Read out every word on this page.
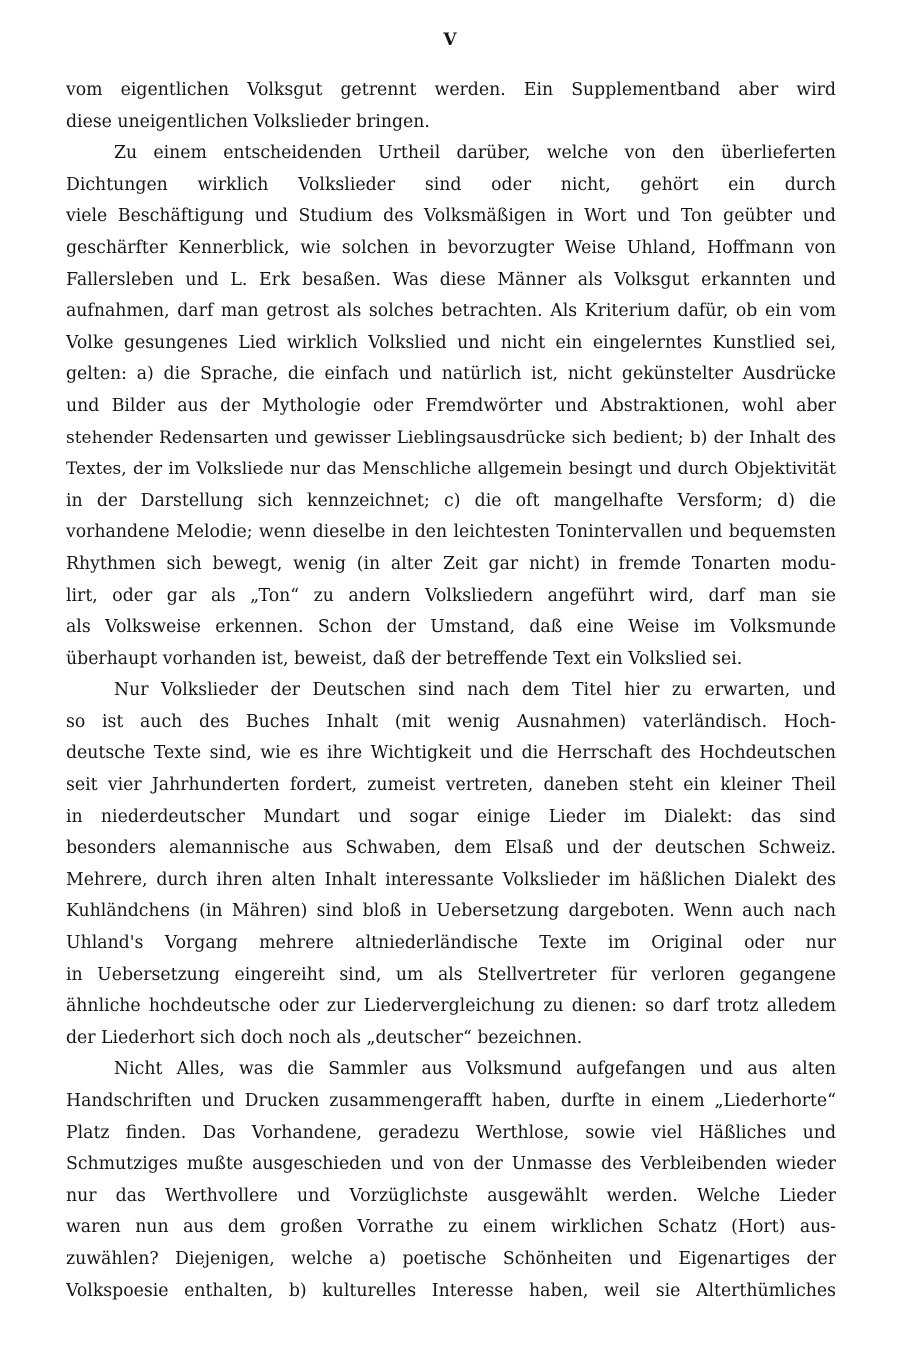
V
vom eigentlichen Volksgut getrennt werden. Ein Supplementband aber wird
diese uneigentlichen Volkslieder bringen.
Zu einem entscheidenden Urtheil darüber, welche von den überlieferten
Dichtungen wirklich Volkslieder sind oder nicht, gehört ein durch
viele Beschäftigung und Studium des Volksmäßigen in Wort und Ton geübter und
geschärfter Kennerblick, wie solchen in bevorzugter Weise Uhland, Hoffmann von
Fallersleben und L. Erk besaßen. Was diese Männer als Volksgut erkannten und
aufnahmen, darf man getrost als solches betrachten. Als Kriterium dafür, ob ein vom
Volke gesungenes Lied wirklich Volkslied und nicht ein eingelerntes Kunstlied sei,
gelten: a) die Sprache, die einfach und natürlich ist, nicht gekünstelter Ausdrücke
und Bilder aus der Mythologie oder Fremdwörter und Abstraktionen, wohl aber
stehender Redensarten und gewisser Lieblingsausdrücke sich bedient; b) der Inhalt des
Textes, der im Volksliede nur das Menschliche allgemein besingt und durch Objektivität
in der Darstellung sich kennzeichnet; c) die oft mangelhafte Versform; d) die
vorhandene Melodie; wenn dieselbe in den leichtesten Tonintervallen und bequemsten
Rhythmen sich bewegt, wenig (in alter Zeit gar nicht) in fremde Tonarten modu-
lirt, oder gar als „Ton“ zu andern Volksliedern angeführt wird, darf man sie
als Volksweise erkennen. Schon der Umstand, daß eine Weise im Volksmunde
überhaupt vorhanden ist, beweist, daß der betreffende Text ein Volkslied sei.
Nur Volkslieder der Deutschen sind nach dem Titel hier zu erwarten, und
so ist auch des Buches Inhalt (mit wenig Ausnahmen) vaterländisch. Hoch-
deutsche Texte sind, wie es ihre Wichtigkeit und die Herrschaft des Hochdeutschen
seit vier Jahrhunderten fordert, zumeist vertreten, daneben steht ein kleiner Theil
in niederdeutscher Mundart und sogar einige Lieder im Dialekt: das sind
besonders alemannische aus Schwaben, dem Elsaß und der deutschen Schweiz.
Mehrere, durch ihren alten Inhalt interessante Volkslieder im häßlichen Dialekt des
Kuhländchens (in Mähren) sind bloß in Uebersetzung dargeboten. Wenn auch nach
Uhland's Vorgang mehrere altniederländische Texte im Original oder nur
in Uebersetzung eingereiht sind, um als Stellvertreter für verloren gegangene
ähnliche hochdeutsche oder zur Liedervergleichung zu dienen: so darf trotz alledem
der Liederhort sich doch noch als „deutscher“ bezeichnen.
Nicht Alles, was die Sammler aus Volksmund aufgefangen und aus alten
Handschriften und Drucken zusammengerafft haben, durfte in einem „Liederhorte“
Platz finden. Das Vorhandene, geradezu Werthlose, sowie viel Häßliches und
Schmutziges mußte ausgeschieden und von der Unmasse des Verbleibenden wieder
nur das Werthvollere und Vorzüglichste ausgewählt werden. Welche Lieder
waren nun aus dem großen Vorrathe zu einem wirklichen Schatz (Hort) aus-
zuwählen? Diejenigen, welche a) poetische Schönheiten und Eigenartiges der
Volkspoesie enthalten, b) kulturelles Interesse haben, weil sie Alterthümliches
